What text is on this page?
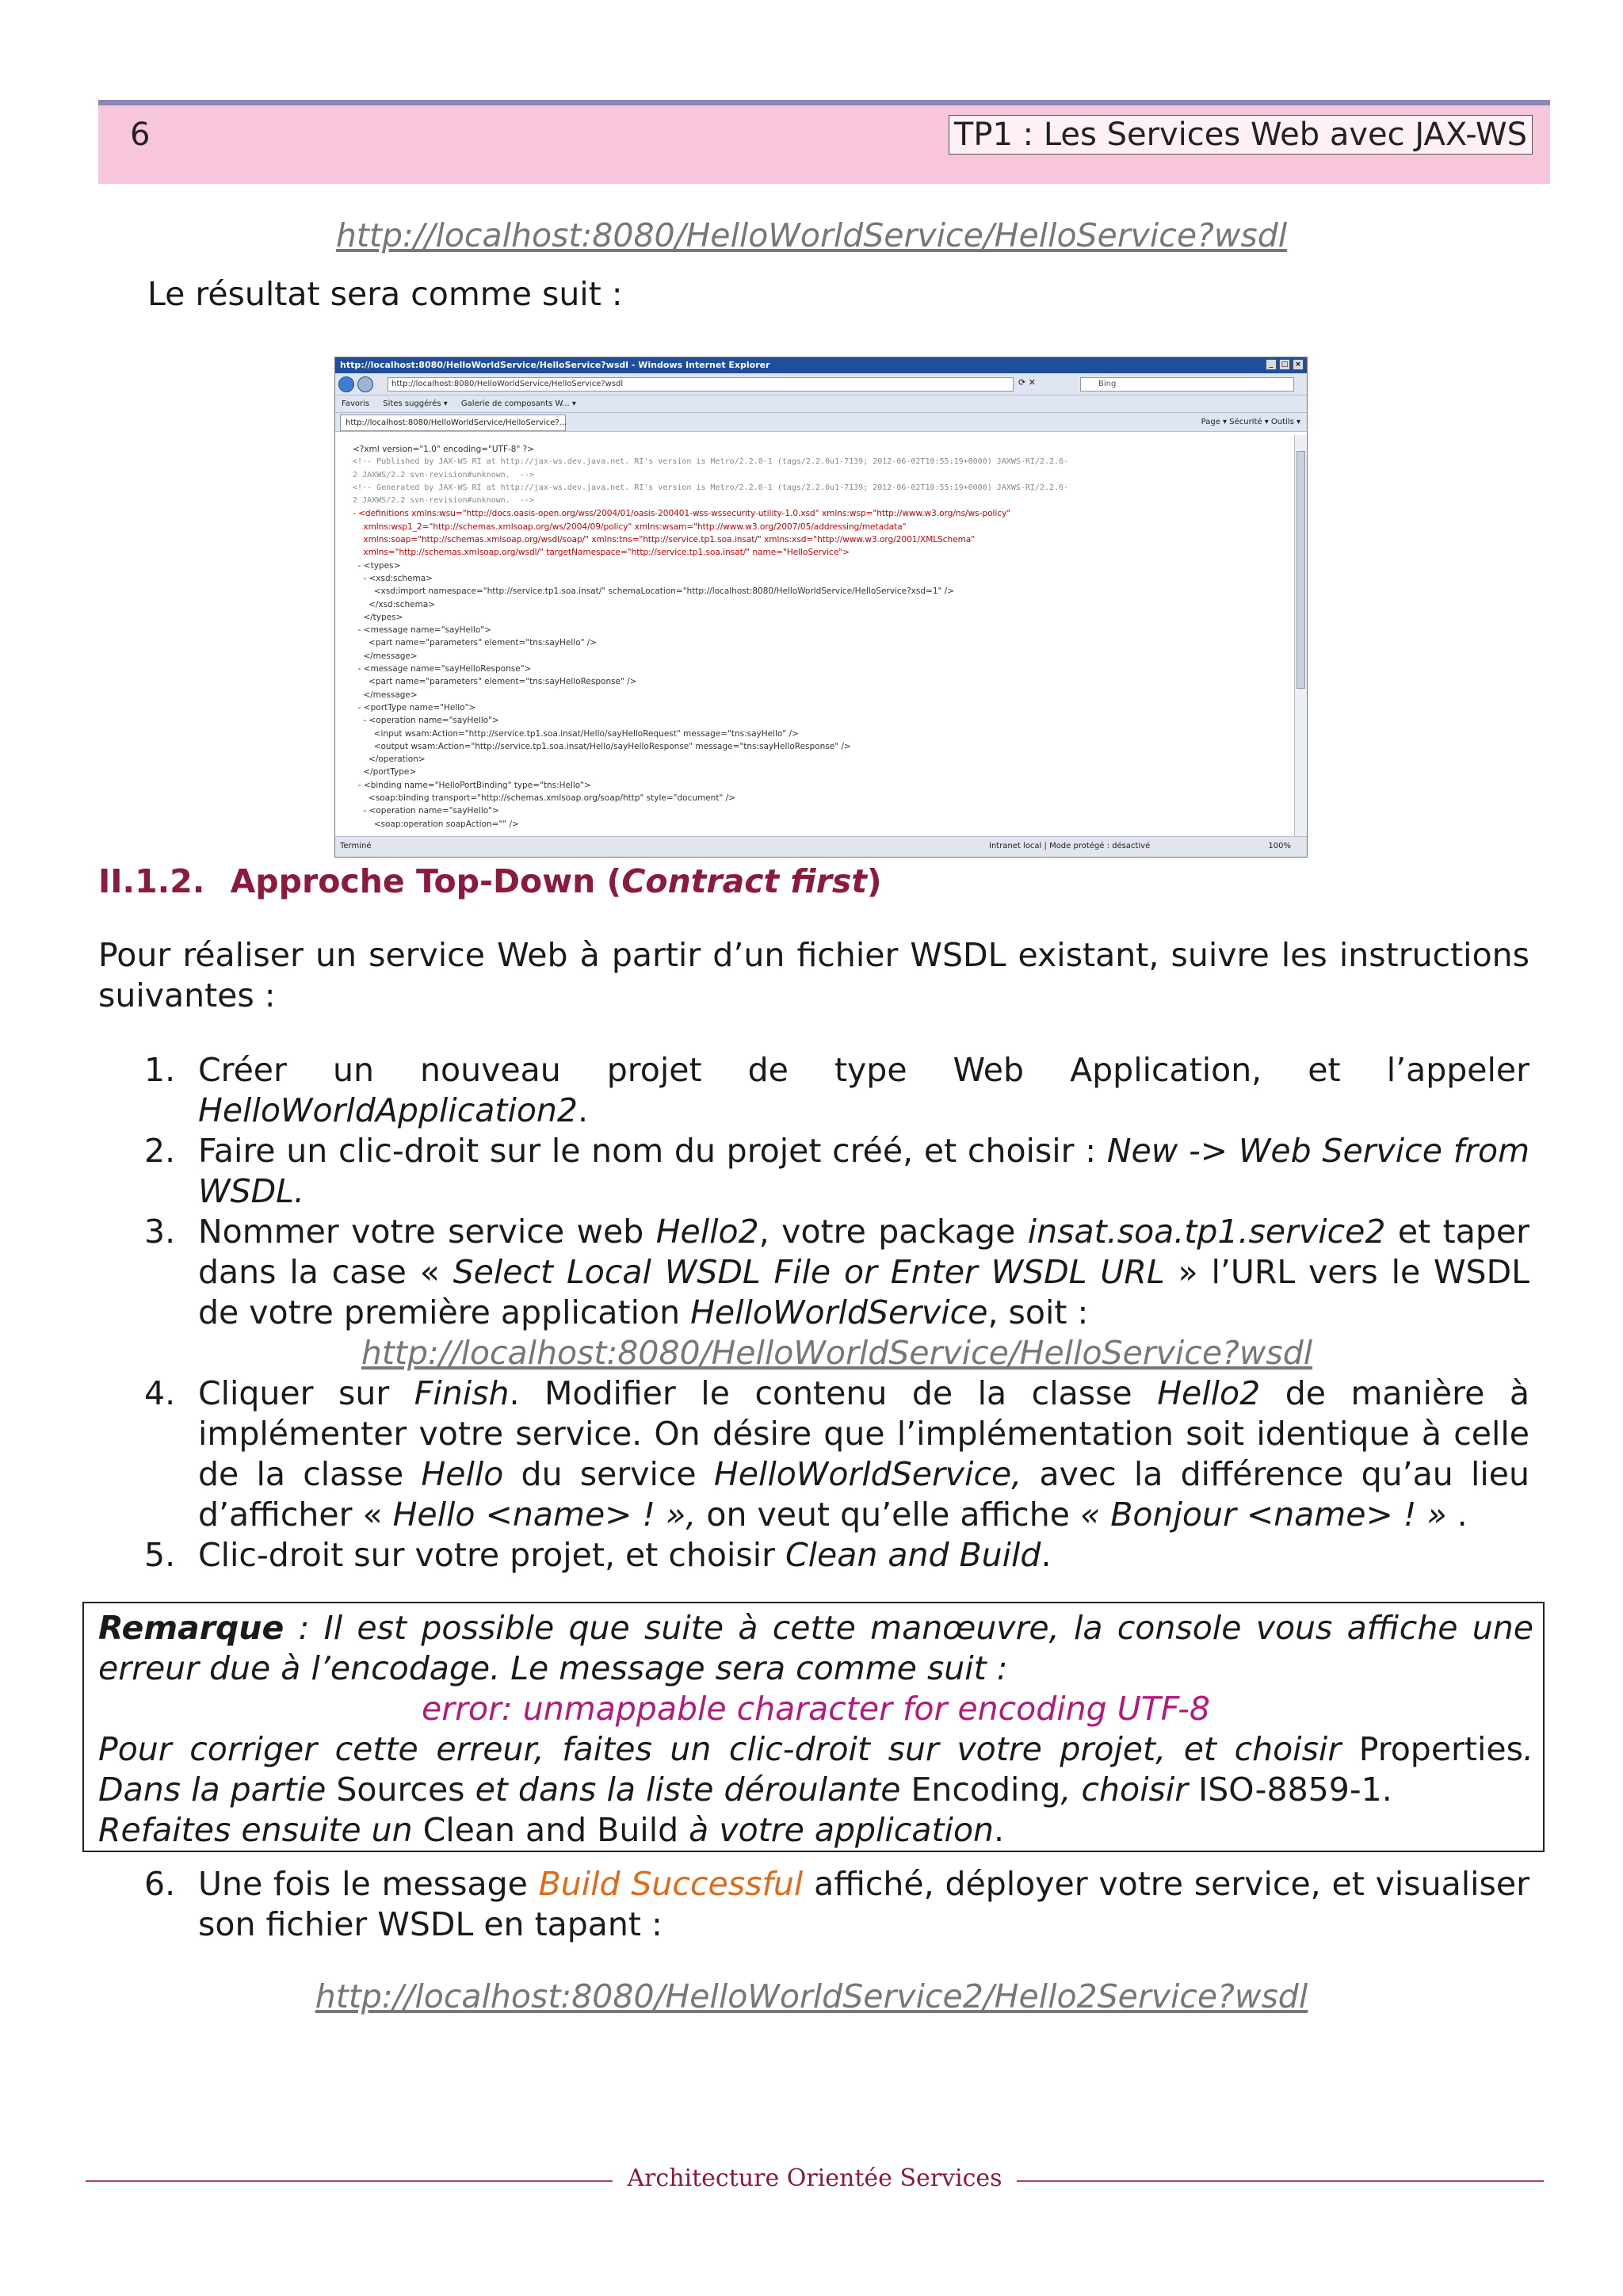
6	TP1 : Les Services Web avec JAX-WS
http://localhost:8080/HelloWorldService/HelloService?wsdl
Le résultat sera comme suit :
http://localhost:8080/HelloWorldService/HelloService?wsdl - Windows Internet Explorer	_	□ ×
http://localhost:8080/HelloWorldService/HelloService?wsdl	⟳ ✕	Bing
Favoris Sites suggérés ▾ Galerie de composants W... ▾
http://localhost:8080/HelloWorldService/HelloService?...	Page ▾ Sécurité ▾ Outils ▾
<?xml version="1.0" encoding="UTF-8" ?>
<!-- Published by JAX-WS RI at http://jax-ws.dev.java.net. RI's version is Metro/2.2.0-1 (tags/2.2.0u1-7139; 2012-06-02T10:55:19+0000) JAXWS-RI/2.2.6-
2 JAXWS/2.2 svn-revision#unknown.  -->
<!-- Generated by JAX-WS RI at http://jax-ws.dev.java.net. RI's version is Metro/2.2.0-1 (tags/2.2.0u1-7139; 2012-06-02T10:55:19+0000) JAXWS-RI/2.2.6-
2 JAXWS/2.2 svn-revision#unknown.  -->
- <definitions xmlns:wsu="http://docs.oasis-open.org/wss/2004/01/oasis-200401-wss-wssecurity-utility-1.0.xsd" xmlns:wsp="http://www.w3.org/ns/ws-policy"
xmlns:wsp1_2="http://schemas.xmlsoap.org/ws/2004/09/policy" xmlns:wsam="http://www.w3.org/2007/05/addressing/metadata"
xmlns:soap="http://schemas.xmlsoap.org/wsdl/soap/" xmlns:tns="http://service.tp1.soa.insat/" xmlns:xsd="http://www.w3.org/2001/XMLSchema"
xmlns="http://schemas.xmlsoap.org/wsdl/" targetNamespace="http://service.tp1.soa.insat/" name="HelloService">
- <types>
- <xsd:schema>
<xsd:import namespace="http://service.tp1.soa.insat/" schemaLocation="http://localhost:8080/HelloWorldService/HelloService?xsd=1" />
</xsd:schema>
</types>
- <message name="sayHello">
<part name="parameters" element="tns:sayHello" />
</message>
- <message name="sayHelloResponse">
<part name="parameters" element="tns:sayHelloResponse" />
</message>
- <portType name="Hello">
- <operation name="sayHello">
<input wsam:Action="http://service.tp1.soa.insat/Hello/sayHelloRequest" message="tns:sayHello" />
<output wsam:Action="http://service.tp1.soa.insat/Hello/sayHelloResponse" message="tns:sayHelloResponse" />
</operation>
</portType>
- <binding name="HelloPortBinding" type="tns:Hello">
<soap:binding transport="http://schemas.xmlsoap.org/soap/http" style="document" />
- <operation name="sayHello">
<soap:operation soapAction="" />
Terminé	Intranet local | Mode protégé : désactivé	100%
II.1.2. Approche Top-Down (Contract first)
Pour réaliser un service Web à partir d’un fichier WSDL existant, suivre les instructions suivantes :
1. Créer un nouveau projet de type Web Application, et l’appeler HelloWorldApplication2.
2. Faire un clic-droit sur le nom du projet créé, et choisir : New -> Web Service from WSDL.
3. Nommer votre service web Hello2, votre package insat.soa.tp1.service2 et taper dans la case « Select Local WSDL File or Enter WSDL URL » l’URL vers le WSDL de votre première application HelloWorldService, soit :
http://localhost:8080/HelloWorldService/HelloService?wsdl
4. Cliquer sur Finish. Modifier le contenu de la classe Hello2 de manière à implémenter votre service. On désire que l’implémentation soit identique à celle de la classe Hello du service HelloWorldService, avec la différence qu’au lieu d’afficher « Hello <name> ! », on veut qu’elle affiche « Bonjour <name> ! » .
5. Clic-droit sur votre projet, et choisir Clean and Build.
Remarque : Il est possible que suite à cette manœuvre, la console vous affiche une erreur due à l’encodage. Le message sera comme suit :
error: unmappable character for encoding UTF-8
Pour corriger cette erreur, faites un clic-droit sur votre projet, et choisir Properties. Dans la partie Sources et dans la liste déroulante Encoding, choisir ISO-8859-1.
Refaites ensuite un Clean and Build à votre application.
6. Une fois le message Build Successful affiché, déployer votre service, et visualiser son fichier WSDL en tapant :
http://localhost:8080/HelloWorldService2/Hello2Service?wsdl
Architecture Orientée Services
